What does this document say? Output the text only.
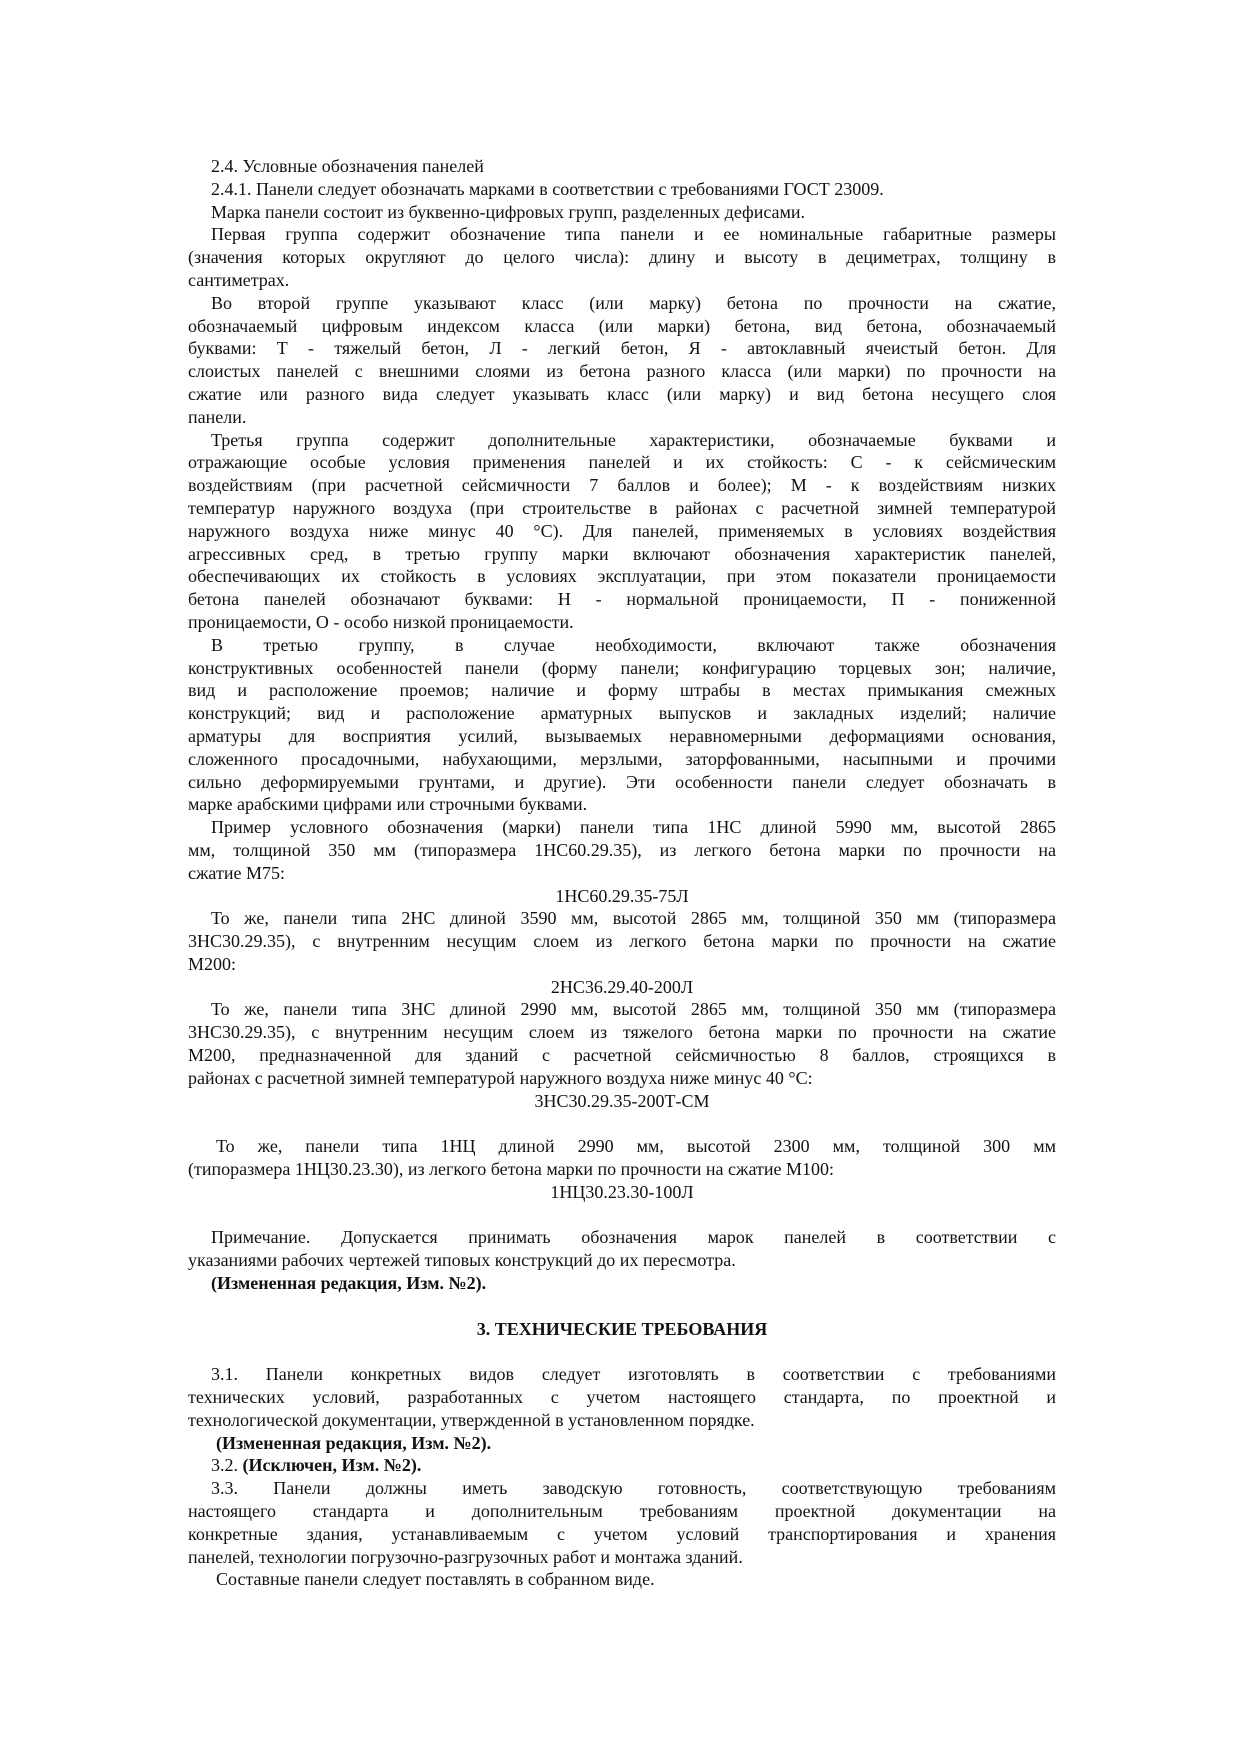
2.4. Условные обозначения панелей
2.4.1. Панели следует обозначать марками в соответствии с требованиями ГОСТ 23009.
Марка панели состоит из буквенно-цифровых групп, разделенных дефисами.
Первая группа содержит обозначение типа панели и ее номинальные габаритные размеры
(значения которых округляют до целого числа): длину и высоту в дециметрах, толщину в
сантиметрах.
Во второй группе указывают класс (или марку) бетона по прочности на сжатие,
обозначаемый цифровым индексом класса (или марки) бетона, вид бетона, обозначаемый
буквами: Т - тяжелый бетон, Л - легкий бетон, Я - автоклавный ячеистый бетон. Для
слоистых панелей с внешними слоями из бетона разного класса (или марки) по прочности на
сжатие или разного вида следует указывать класс (или марку) и вид бетона несущего слоя
панели.
Третья группа содержит дополнительные характеристики, обозначаемые буквами и
отражающие особые условия применения панелей и их стойкость: С - к сейсмическим
воздействиям (при расчетной сейсмичности 7 баллов и более); М - к воздействиям низких
температур наружного воздуха (при строительстве в районах с расчетной зимней температурой
наружного воздуха ниже минус 40 °С). Для панелей, применяемых в условиях воздействия
агрессивных сред, в третью группу марки включают обозначения характеристик панелей,
обеспечивающих их стойкость в условиях эксплуатации, при этом показатели проницаемости
бетона панелей обозначают буквами: Н - нормальной проницаемости, П - пониженной
проницаемости, О - особо низкой проницаемости.
В третью группу, в случае необходимости, включают также обозначения
конструктивных особенностей панели (форму панели; конфигурацию торцевых зон; наличие,
вид и расположение проемов; наличие и форму штрабы в местах примыкания смежных
конструкций; вид и расположение арматурных выпусков и закладных изделий; наличие
арматуры для восприятия усилий, вызываемых неравномерными деформациями основания,
сложенного просадочными, набухающими, мерзлыми, заторфованными, насыпными и прочими
сильно деформируемыми грунтами, и другие). Эти особенности панели следует обозначать в
марке арабскими цифрами или строчными буквами.
Пример условного обозначения (марки) панели типа 1НС длиной 5990 мм, высотой 2865
мм, толщиной 350 мм (типоразмера 1НС60.29.35), из легкого бетона марки по прочности на
сжатие М75:
1НС60.29.35-75Л
То же, панели типа 2НС длиной 3590 мм, высотой 2865 мм, толщиной 350 мм (типоразмера
3НС30.29.35), с внутренним несущим слоем из легкого бетона марки по прочности на сжатие
М200:
2НС36.29.40-200Л
То же, панели типа 3НС длиной 2990 мм, высотой 2865 мм, толщиной 350 мм (типоразмера
3НС30.29.35), с внутренним несущим слоем из тяжелого бетона марки по прочности на сжатие
М200, предназначенной для зданий с расчетной сейсмичностью 8 баллов, строящихся в
районах с расчетной зимней температурой наружного воздуха ниже минус 40 °С:
3НС30.29.35-200Т-СМ
То же, панели типа 1НЦ длиной 2990 мм, высотой 2300 мм, толщиной 300 мм
(типоразмера 1НЦ30.23.30), из легкого бетона марки по прочности на сжатие М100:
1НЦ30.23.30-100Л
Примечание. Допускается принимать обозначения марок панелей в соответствии с
указаниями рабочих чертежей типовых конструкций до их пересмотра.
(Измененная редакция, Изм. №2).
3. ТЕХНИЧЕСКИЕ ТРЕБОВАНИЯ
3.1. Панели конкретных видов следует изготовлять в соответствии с требованиями
технических условий, разработанных с учетом настоящего стандарта, по проектной и
технологической документации, утвержденной в установленном порядке.
(Измененная редакция, Изм. №2).
3.2. (Исключен, Изм. №2).
3.3. Панели должны иметь заводскую готовность, соответствующую требованиям
настоящего стандарта и дополнительным требованиям проектной документации на
конкретные здания, устанавливаемым с учетом условий транспортирования и хранения
панелей, технологии погрузочно-разгрузочных работ и монтажа зданий.
Составные панели следует поставлять в собранном виде.
